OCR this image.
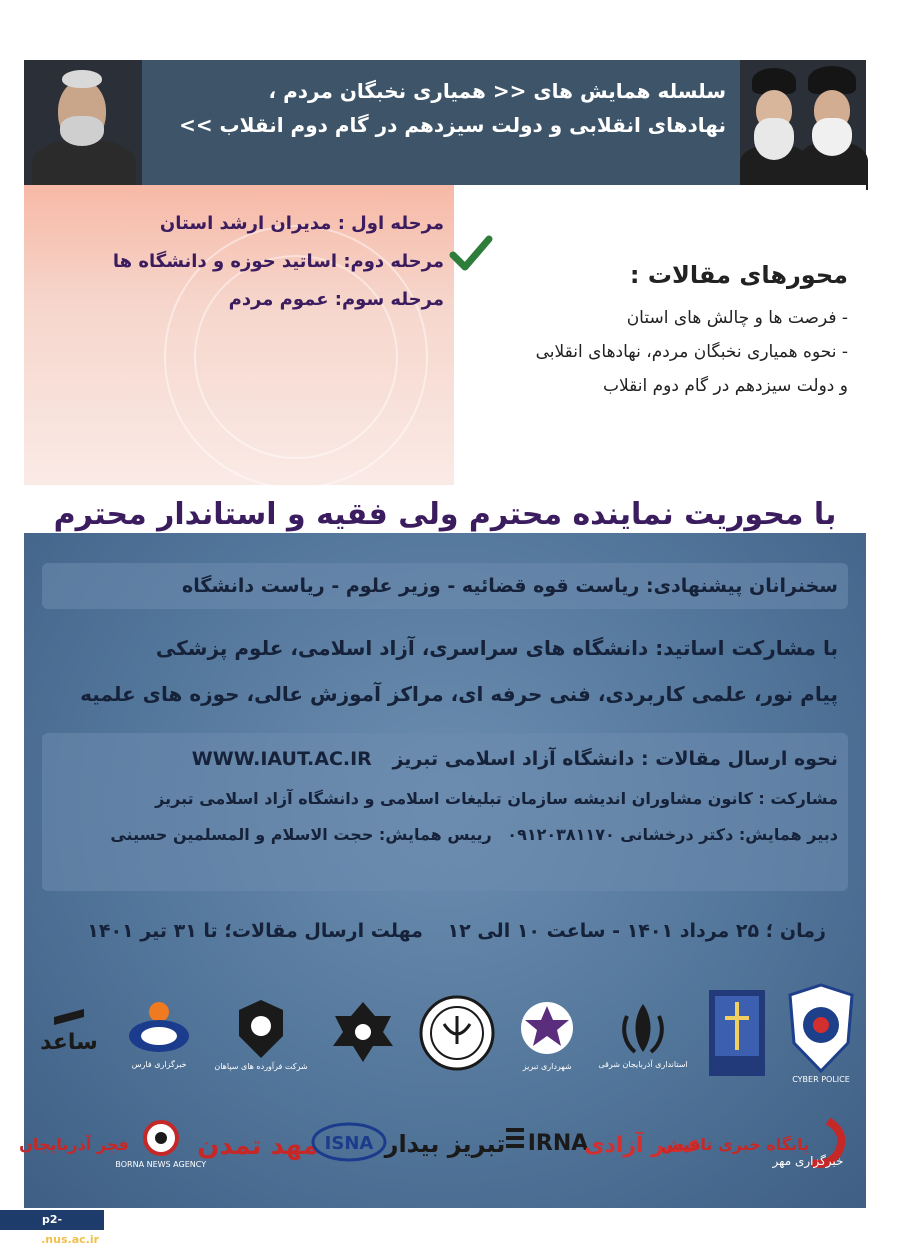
سلسله همایش های << همیاری نخبگان مردم ،
نهادهای انقلابی و دولت سیزدهم در گام دوم انقلاب >>
مرحله اول : مدیران ارشد استان
مرحله دوم: اساتید حوزه و دانشگاه ها
مرحله سوم: عموم مردم
محورهای مقالات :
- فرصت ها و چالش های استان
- نحوه همیاری نخبگان مردم، نهادهای انقلابی
و دولت سیزدهم در گام دوم انقلاب
با محوریت نماینده محترم ولی فقیه و استاندار محترم
سخنرانان پیشنهادی: ریاست قوه قضائیه - وزیر علوم - ریاست دانشگاه
با مشارکت اساتید: دانشگاه های سراسری، آزاد اسلامی، علوم پزشکی
پیام نور، علمی کاربردی، فنی حرفه ای، مراکز آموزش عالی، حوزه های علمیه
نحوه ارسال مقالات : دانشگاه آزاد اسلامی تبریز WWW.IAUT.AC.IR
مشارکت : کانون مشاوران اندیشه سازمان تبلیغات اسلامی و دانشگاه آزاد اسلامی تبریز
دبیر همایش: دکتر درخشانی ۰۹۱۲۰۳۸۱۱۷۰ رییس همایش: حجت الاسلام و المسلمین حسینی
زمان ؛ ۲۵ مرداد ۱۴۰۱ - ساعت ۱۰ الی ۱۲ مهلت ارسال مقالات؛ تا ۳۱ تیر ۱۴۰۱
CYBER POLICE
استانداری آذربایجان شرقی
شهرداری تبریز
شرکت فرآورده های سپاهان
خبرگزاری فارس
ساعد
خبرگزاری مهر
پایگاه خبری تاقیش
عصر آزادی
IRNA
تبریز بیدار
ISNA
مهد تمدن
BORNA NEWS AGENCY
فجر آذربایجان
p2-tabriz.nus.ac.ir
